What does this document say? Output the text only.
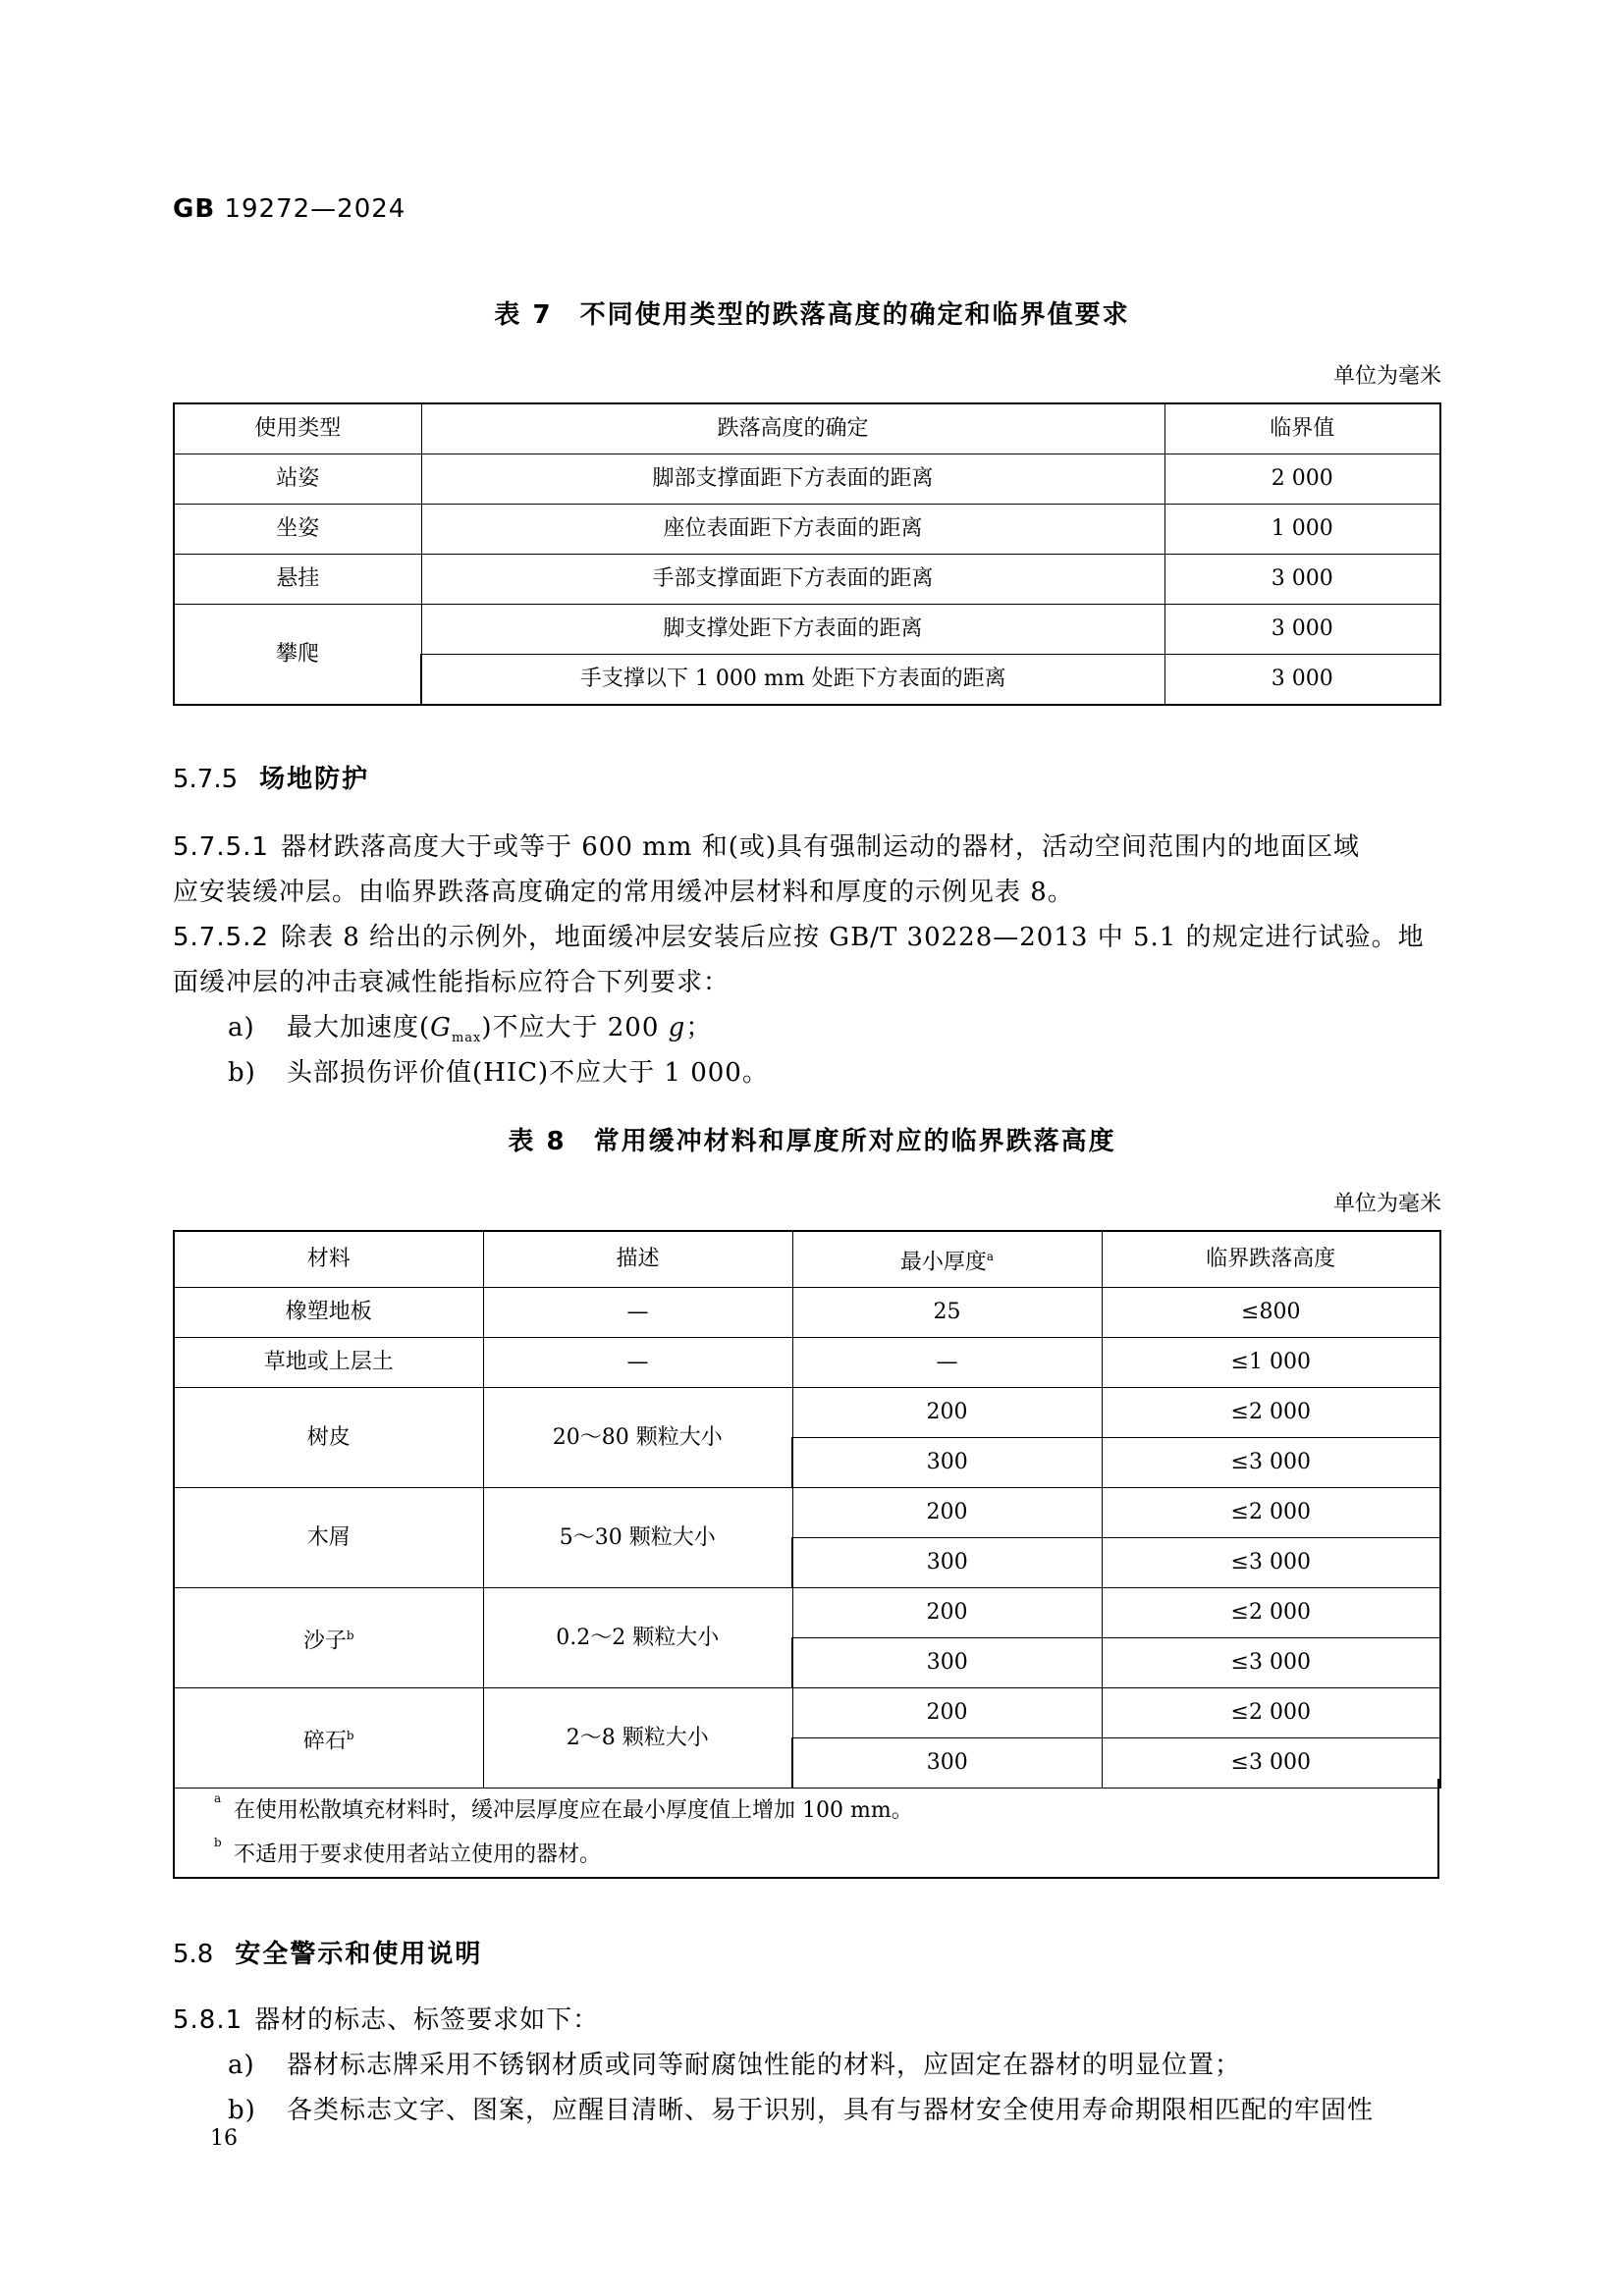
GB 19272—2024
表 7　不同使用类型的跌落高度的确定和临界值要求
单位为毫米
使用类型	跌落高度的确定	临界值
站姿	脚部支撑面距下方表面的距离	2 000
坐姿	座位表面距下方表面的距离	1 000
悬挂	手部支撑面距下方表面的距离	3 000
攀爬	脚支撑处距下方表面的距离	3 000
	手支撑以下 1 000 mm 处距下方表面的距离	3 000
5.7.5 场地防护
5.7.5.1 器材跌落高度大于或等于 600 mm 和(或)具有强制运动的器材，活动空间范围内的地面区域
应安装缓冲层。由临界跌落高度确定的常用缓冲层材料和厚度的示例见表 8。
5.7.5.2 除表 8 给出的示例外，地面缓冲层安装后应按 GB/T 30228—2013 中 5.1 的规定进行试验。地
面缓冲层的冲击衰减性能指标应符合下列要求：
a) 最大加速度$(G_{max})$不应大于 200 g；
b) 头部损伤评价值(HIC)不应大于 1 000。
表 8　常用缓冲材料和厚度所对应的临界跌落高度
单位为毫米
材料	描述	最小厚度$^a$	临界跌落高度
橡塑地板	—	25	≤800
草地或上层土	—	—	≤1 000
树皮	20～80 颗粒大小	200	≤2 000
		300	≤3 000
木屑	5～30 颗粒大小	200	≤2 000
		300	≤3 000
沙子$^b$	0.2～2 颗粒大小	200	≤2 000
		300	≤3 000
碎石$^b$	2～8 颗粒大小	200	≤2 000
		300	≤3 000
a 在使用松散填充材料时，缓冲层厚度应在最小厚度值上增加 100 mm。
b 不适用于要求使用者站立使用的器材。
5.8 安全警示和使用说明
5.8.1 器材的标志、标签要求如下：
a) 器材标志牌采用不锈钢材质或同等耐腐蚀性能的材料，应固定在器材的明显位置；
b) 各类标志文字、图案，应醒目清晰、易于识别，具有与器材安全使用寿命期限相匹配的牢固性
16
